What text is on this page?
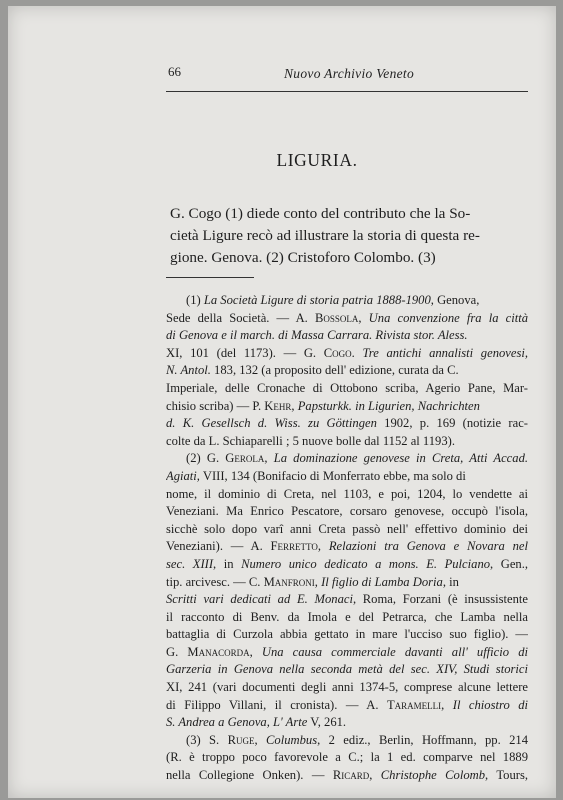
66	Nuovo Archivio Veneto
LIGURIA.
G. Cogo (1) diede conto del contributo che la So-
cietà Ligure recò ad illustrare la storia di questa re-
gione. Genova. (2) Cristoforo Colombo. (3)
(1) La Società Ligure di storia patria 1888-1900, Genova,
Sede della Società. — A. Bossola, Una convenzione fra la città
di Genova e il march. di Massa Carrara. Rivista stor. Aless.
XI, 101 (del 1173). — G. Cogo. Tre antichi annalisti genovesi,
N. Antol. 183, 132 (a proposito dell' edizione, curata da C.
Imperiale, delle Cronache di Ottobono scriba, Agerio Pane, Mar-
chisio scriba) — P. Kehr, Papsturkk. in Ligurien, Nachrichten
d. K. Gesellsch d. Wiss. zu Göttingen 1902, p. 169 (notizie rac-
colte da L. Schiaparelli ; 5 nuove bolle dal 1152 al 1193).
(2) G. Gerola, La dominazione genovese in Creta, Atti Accad.
Agiati, VIII, 134 (Bonifacio di Monferrato ebbe, ma solo di
nome, il dominio di Creta, nel 1103, e poi, 1204, lo vendette ai
Veneziani. Ma Enrico Pescatore, corsaro genovese, occupò l'isola,
sicchè solo dopo varî anni Creta passò nell' effettivo dominio dei
Veneziani). — A. Ferretto, Relazioni tra Genova e Novara nel
sec. XIII, in Numero unico dedicato a mons. E. Pulciano, Gen.,
tip. arcivesc. — C. Manfroni, Il figlio di Lamba Doria, in
Scritti vari dedicati ad E. Monaci, Roma, Forzani (è insussistente
il racconto di Benv. da Imola e del Petrarca, che Lamba nella
battaglia di Curzola abbia gettato in mare l'ucciso suo figlio). —
G. Manacorda, Una causa commerciale davanti all' ufficio di
Garzeria in Genova nella seconda metà del sec. XIV, Studi storici
XI, 241 (vari documenti degli anni 1374-5, comprese alcune lettere
di Filippo Villani, il cronista). — A. Taramelli, Il chiostro di
S. Andrea a Genova, L' Arte V, 261.
(3) S. Ruge, Columbus, 2 ediz., Berlin, Hoffmann, pp. 214
(R. è troppo poco favorevole a C.; la 1 ed. comparve nel 1889
nella Collegione Onken). — Ricard, Christophe Colomb, Tours,
